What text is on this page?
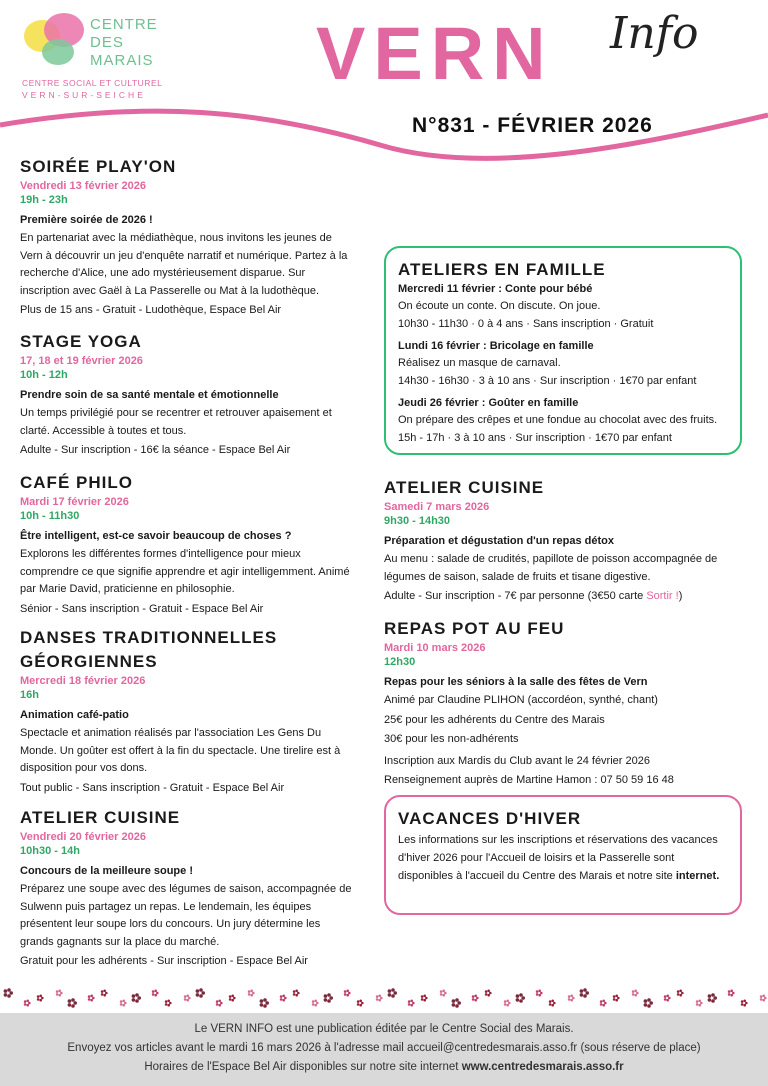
CENTRE
DES
MARAIS
CENTRE SOCIAL ET CULTUREL
VERN-SUR-SEICHE VERN Info
N°831 - FÉVRIER 2026
SOIRÉE PLAY'ON
Vendredi 13 février 2026
19h - 23h
Première soirée de 2026 !

En partenariat avec la médiathèque, nous invitons les jeunes de Vern à découvrir un jeu d'enquête narratif et numérique. Partez à la recherche d'Alice, une ado mystérieusement disparue. Sur inscription avec Gaël à La Passerelle ou Mat à la ludothèque.

Plus de 15 ans - Gratuit - Ludothèque, Espace Bel Air
STAGE YOGA
17, 18 et 19 février 2026
10h - 12h
Prendre soin de sa santé mentale et émotionnelle

Un temps privilégié pour se recentrer et retrouver apaisement et clarté. Accessible à toutes et tous.

Adulte - Sur inscription - 16€ la séance - Espace Bel Air
CAFÉ PHILO
Mardi 17 février 2026
10h - 11h30
Être intelligent, est-ce savoir beaucoup de choses ?

Explorons les différentes formes d'intelligence pour mieux comprendre ce que signifie apprendre et agir intelligemment. Animé par Marie David, praticienne en philosophie.

Sénior - Sans inscription - Gratuit - Espace Bel Air
DANSES TRADITIONNELLES GÉORGIENNES
Mercredi 18 février 2026
16h
Animation café-patio

Spectacle et animation réalisés par l'association Les Gens Du Monde. Un goûter est offert à la fin du spectacle. Une tirelire est à disposition pour vos dons.

Tout public - Sans inscription - Gratuit - Espace Bel Air
ATELIER CUISINE
Vendredi 20 février 2026
10h30 - 14h
Concours de la meilleure soupe !

Préparez une soupe avec des légumes de saison, accompagnée de Sulwenn puis partagez un repas. Le lendemain, les équipes présentent leur soupe lors du concours. Un jury détermine les grands gagnants sur la place du marché.

Gratuit pour les adhérents - Sur inscription - Espace Bel Air
ATELIERS EN FAMILLE
Mercredi 11 février : Conte pour bébé

On écoute un conte. On discute. On joue.

10h30 - 11h30 · 0 à 4 ans · Sans inscription · Gratuit

Lundi 16 février : Bricolage en famille

Réalisez un masque de carnaval.

14h30 - 16h30 · 3 à 10 ans · Sur inscription · 1€70 par enfant

Jeudi 26 février : Goûter en famille

On prépare des crêpes et une fondue au chocolat avec des fruits.

15h - 17h · 3 à 10 ans · Sur inscription · 1€70 par enfant

ATELIER CUISINE
Samedi 7 mars 2026
9h30 - 14h30
Préparation et dégustation d'un repas détox

Au menu : salade de crudités, papillote de poisson accompagnée de légumes de saison, salade de fruits et tisane digestive.

Adulte - Sur inscription - 7€ par personne (3€50 carte Sortir !)
REPAS POT AU FEU
Mardi 10 mars 2026
12h30
Repas pour les séniors à la salle des fêtes de Vern
Animé par Claudine PLIHON (accordéon, synthé, chant)
25€ pour les adhérents du Centre des Marais
30€ pour les non-adhérents
Inscription aux Mardis du Club avant le 24 février 2026
Renseignement auprès de Martine Hamon : 07 50 59 16 48
VACANCES D'HIVER

Les informations sur les inscriptions et réservations des vacances d'hiver 2026 pour l'Accueil de loisirs et la Passerelle sont disponibles à l'accueil du Centre des Marais et notre site internet.

Le VERN INFO est une publication éditée par le Centre Social des Marais.
Envoyez vos articles avant le mardi 16 mars 2026 à l'adresse mail accueil@centredesmarais.asso.fr (sous réserve de place)
Horaires de l'Espace Bel Air disponibles sur notre site internet www.centredesmarais.asso.fr
